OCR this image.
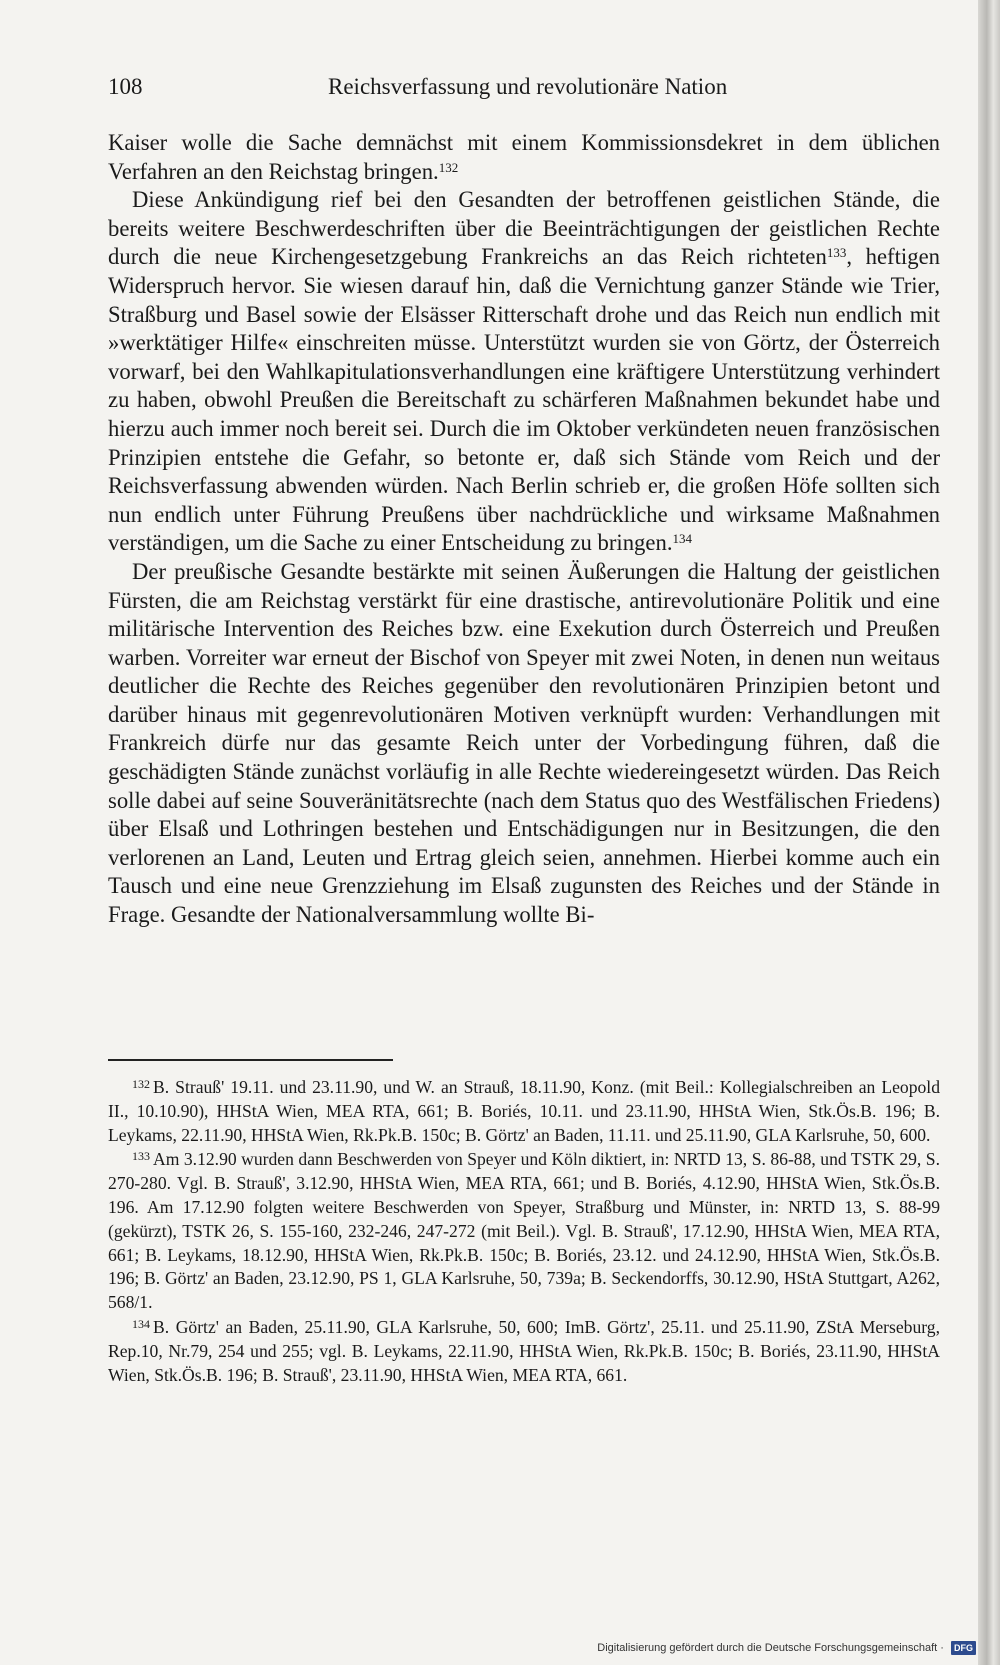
108	Reichsverfassung und revolutionäre Nation

Kaiser wolle die Sache demnächst mit einem Kommissionsdekret in dem üblichen Verfahren an den Reichstag bringen.$^{132}$

Diese Ankündigung rief bei den Gesandten der betroffenen geistlichen Stände, die bereits weitere Beschwerdeschriften über die Beeinträchtigungen der geistlichen Rechte durch die neue Kirchengesetzgebung Frankreichs an das Reich richteten$^{133}$, heftigen Widerspruch hervor. Sie wiesen darauf hin, daß die Vernichtung ganzer Stände wie Trier, Straßburg und Basel sowie der Elsässer Ritterschaft drohe und das Reich nun endlich mit »werktätiger Hilfe« einschreiten müsse. Unterstützt wurden sie von Görtz, der Österreich vorwarf, bei den Wahlkapitulationsverhandlungen eine kräftigere Unterstützung verhindert zu haben, obwohl Preußen die Bereitschaft zu schärferen Maßnahmen bekundet habe und hierzu auch immer noch bereit sei. Durch die im Oktober verkündeten neuen französischen Prinzipien entstehe die Gefahr, so betonte er, daß sich Stände vom Reich und der Reichsverfassung abwenden würden. Nach Berlin schrieb er, die großen Höfe sollten sich nun endlich unter Führung Preußens über nachdrückliche und wirksame Maßnahmen verständigen, um die Sache zu einer Entscheidung zu bringen.$^{134}$

Der preußische Gesandte bestärkte mit seinen Äußerungen die Haltung der geistlichen Fürsten, die am Reichstag verstärkt für eine drastische, antirevolutionäre Politik und eine militärische Intervention des Reiches bzw. eine Exekution durch Österreich und Preußen warben. Vorreiter war erneut der Bischof von Speyer mit zwei Noten, in denen nun weitaus deutlicher die Rechte des Reiches gegenüber den revolutionären Prinzipien betont und darüber hinaus mit gegenrevolutionären Motiven verknüpft wurden: Verhandlungen mit Frankreich dürfe nur das gesamte Reich unter der Vorbedingung führen, daß die geschädigten Stände zunächst vorläufig in alle Rechte wiedereingesetzt würden. Das Reich solle dabei auf seine Souveränitätsrechte (nach dem Status quo des Westfälischen Friedens) über Elsaß und Lothringen bestehen und Entschädigungen nur in Besitzungen, die den verlorenen an Land, Leuten und Ertrag gleich seien, annehmen. Hierbei komme auch ein Tausch und eine neue Grenzziehung im Elsaß zugunsten des Reiches und der Stände in Frage. Gesandte der Nationalversammlung wollte Bi-

$^{132}$ B. Strauß' 19.11. und 23.11.90, und W. an Strauß, 18.11.90, Konz. (mit Beil.: Kollegialschreiben an Leopold II., 10.10.90), HHStA Wien, MEA RTA, 661; B. Boriés, 10.11. und 23.11.90, HHStA Wien, Stk.Ös.B. 196; B. Leykams, 22.11.90, HHStA Wien, Rk.Pk.B. 150c; B. Görtz' an Baden, 11.11. und 25.11.90, GLA Karlsruhe, 50, 600.

$^{133}$ Am 3.12.90 wurden dann Beschwerden von Speyer und Köln diktiert, in: NRTD 13, S. 86-88, und TSTK 29, S. 270-280. Vgl. B. Strauß', 3.12.90, HHStA Wien, MEA RTA, 661; und B. Boriés, 4.12.90, HHStA Wien, Stk.Ös.B. 196. Am 17.12.90 folgten weitere Beschwerden von Speyer, Straßburg und Münster, in: NRTD 13, S. 88-99 (gekürzt), TSTK 26, S. 155-160, 232-246, 247-272 (mit Beil.). Vgl. B. Strauß', 17.12.90, HHStA Wien, MEA RTA, 661; B. Leykams, 18.12.90, HHStA Wien, Rk.Pk.B. 150c; B. Boriés, 23.12. und 24.12.90, HHStA Wien, Stk.Ös.B. 196; B. Görtz' an Baden, 23.12.90, PS 1, GLA Karlsruhe, 50, 739a; B. Seckendorffs, 30.12.90, HStA Stuttgart, A262, 568/1.

$^{134}$ B. Görtz' an Baden, 25.11.90, GLA Karlsruhe, 50, 600; ImB. Görtz', 25.11. und 25.11.90, ZStA Merseburg, Rep.10, Nr.79, 254 und 255; vgl. B. Leykams, 22.11.90, HHStA Wien, Rk.Pk.B. 150c; B. Boriés, 23.11.90, HHStA Wien, Stk.Ös.B. 196; B. Strauß', 23.11.90, HHStA Wien, MEA RTA, 661.

Digitalisierung gefördert durch die Deutsche Forschungsgemeinschaft · DFG
